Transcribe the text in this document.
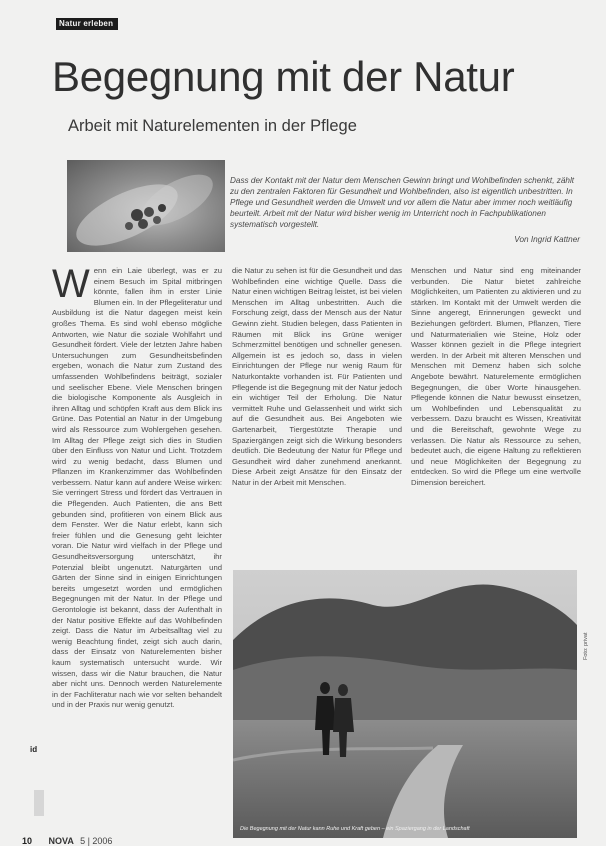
Natur erleben
Begegnung mit der Natur
Arbeit mit Naturelementen in der Pflege

Dass der Kontakt mit der Natur dem Menschen Gewinn bringt und Wohlbefinden schenkt, zählt zu den zentralen Faktoren für Gesundheit und Wohlbefinden, also ist eigentlich unbestritten. In Pflege und Gesundheit werden die Umwelt und vor allem die Natur aber immer noch weitläufig beurteilt. Arbeit mit der Natur wird bisher wenig im Unterricht noch in Fachpublikationen systematisch vorgestellt.

Von Ingrid Kattner
Wenn ein Laie überlegt, was er zu einem Besuch im Spital mitbringen könnte, fallen ihm in erster Linie Blumen ein. In der Pflegeliteratur und Ausbildung ist die Natur dagegen meist kein großes Thema. Es sind wohl ebenso mögliche Antworten, wie Natur die soziale Wohlfahrt und Gesundheit fördert. Viele der letzten Jahre haben Untersuchungen zum Gesundheitsbefinden ergeben, wonach die Natur zum Zustand des umfassenden Wohlbefindens beiträgt, sozialer und seelischer Ebene. Viele Menschen bringen die biologische Komponente als Ausgleich in ihren Alltag und schöpfen Kraft aus dem Blick ins Grüne. Das Potential an Natur in der Umgebung wird als Ressource zum Wohlergehen gesehen. Im Alltag der Pflege zeigt sich dies in Studien über den Einfluss von Natur und Licht. Trotzdem wird zu wenig bedacht, dass Blumen und Pflanzen im Krankenzimmer das Wohlbefinden verbessern. Natur kann auf andere Weise wirken: Sie verringert Stress und fördert das Vertrauen in die Pflegenden. Auch Patienten, die ans Bett gebunden sind, profitieren von einem Blick aus dem Fenster. Wer die Natur erlebt, kann sich freier fühlen und die Genesung geht leichter voran. Die Natur wird vielfach in der Pflege und Gesundheitsversorgung unterschätzt, ihr Potenzial bleibt ungenutzt. Naturgärten und Gärten der Sinne sind in einigen Einrichtungen bereits umgesetzt worden und ermöglichen Begegnungen mit der Natur. In der Pflege und Gerontologie ist bekannt, dass der Aufenthalt in der Natur positive Effekte auf das Wohlbefinden zeigt. Dass die Natur im Arbeitsalltag viel zu wenig Beachtung findet, zeigt sich auch darin, dass der Einsatz von Naturelementen bisher kaum systematisch untersucht wurde. Wir wissen, dass wir die Natur brauchen, die Natur aber nicht uns. Dennoch werden Naturelemente in der Fachliteratur nach wie vor selten behandelt und in der Praxis nur wenig genutzt.

die Natur zu sehen ist für die Gesundheit und das Wohlbefinden eine wichtige Quelle. Dass die Natur einen wichtigen Beitrag leistet, ist bei vielen Menschen im Alltag unbestritten. Auch die Forschung zeigt, dass der Mensch aus der Natur Gewinn zieht. Studien belegen, dass Patienten in Räumen mit Blick ins Grüne weniger Schmerzmittel benötigen und schneller genesen. Allgemein ist es jedoch so, dass in vielen Einrichtungen der Pflege nur wenig Raum für Naturkontakte vorhanden ist. Für Patienten und Pflegende ist die Begegnung mit der Natur jedoch ein wichtiger Teil der Erholung. Die Natur vermittelt Ruhe und Gelassenheit und wirkt sich auf die Gesundheit aus. Bei Angeboten wie Gartenarbeit, Tiergestützte Therapie und Spaziergängen zeigt sich die Wirkung besonders deutlich. Die Bedeutung der Natur für Pflege und Gesundheit wird daher zunehmend anerkannt. Diese Arbeit zeigt Ansätze für den Einsatz der Natur in der Arbeit mit Menschen.

Menschen und Natur sind eng miteinander verbunden. Die Natur bietet zahlreiche Möglichkeiten, um Patienten zu aktivieren und zu stärken. Im Kontakt mit der Umwelt werden die Sinne angeregt, Erinnerungen geweckt und Beziehungen gefördert. Blumen, Pflanzen, Tiere und Naturmaterialien wie Steine, Holz oder Wasser können gezielt in die Pflege integriert werden. In der Arbeit mit älteren Menschen und Menschen mit Demenz haben sich solche Angebote bewährt. Naturelemente ermöglichen Begegnungen, die über Worte hinausgehen. Pflegende können die Natur bewusst einsetzen, um Wohlbefinden und Lebensqualität zu verbessern. Dazu braucht es Wissen, Kreativität und die Bereitschaft, gewohnte Wege zu verlassen. Die Natur als Ressource zu sehen, bedeutet auch, die eigene Haltung zu reflektieren und neue Möglichkeiten der Begegnung zu entdecken. So wird die Pflege um eine wertvolle Dimension bereichert.

Foto: privat

Die Begegnung mit der Natur kann Ruhe und Kraft geben – ein Spaziergang in der Landschaft

id
10 NOVA 5 | 2006
